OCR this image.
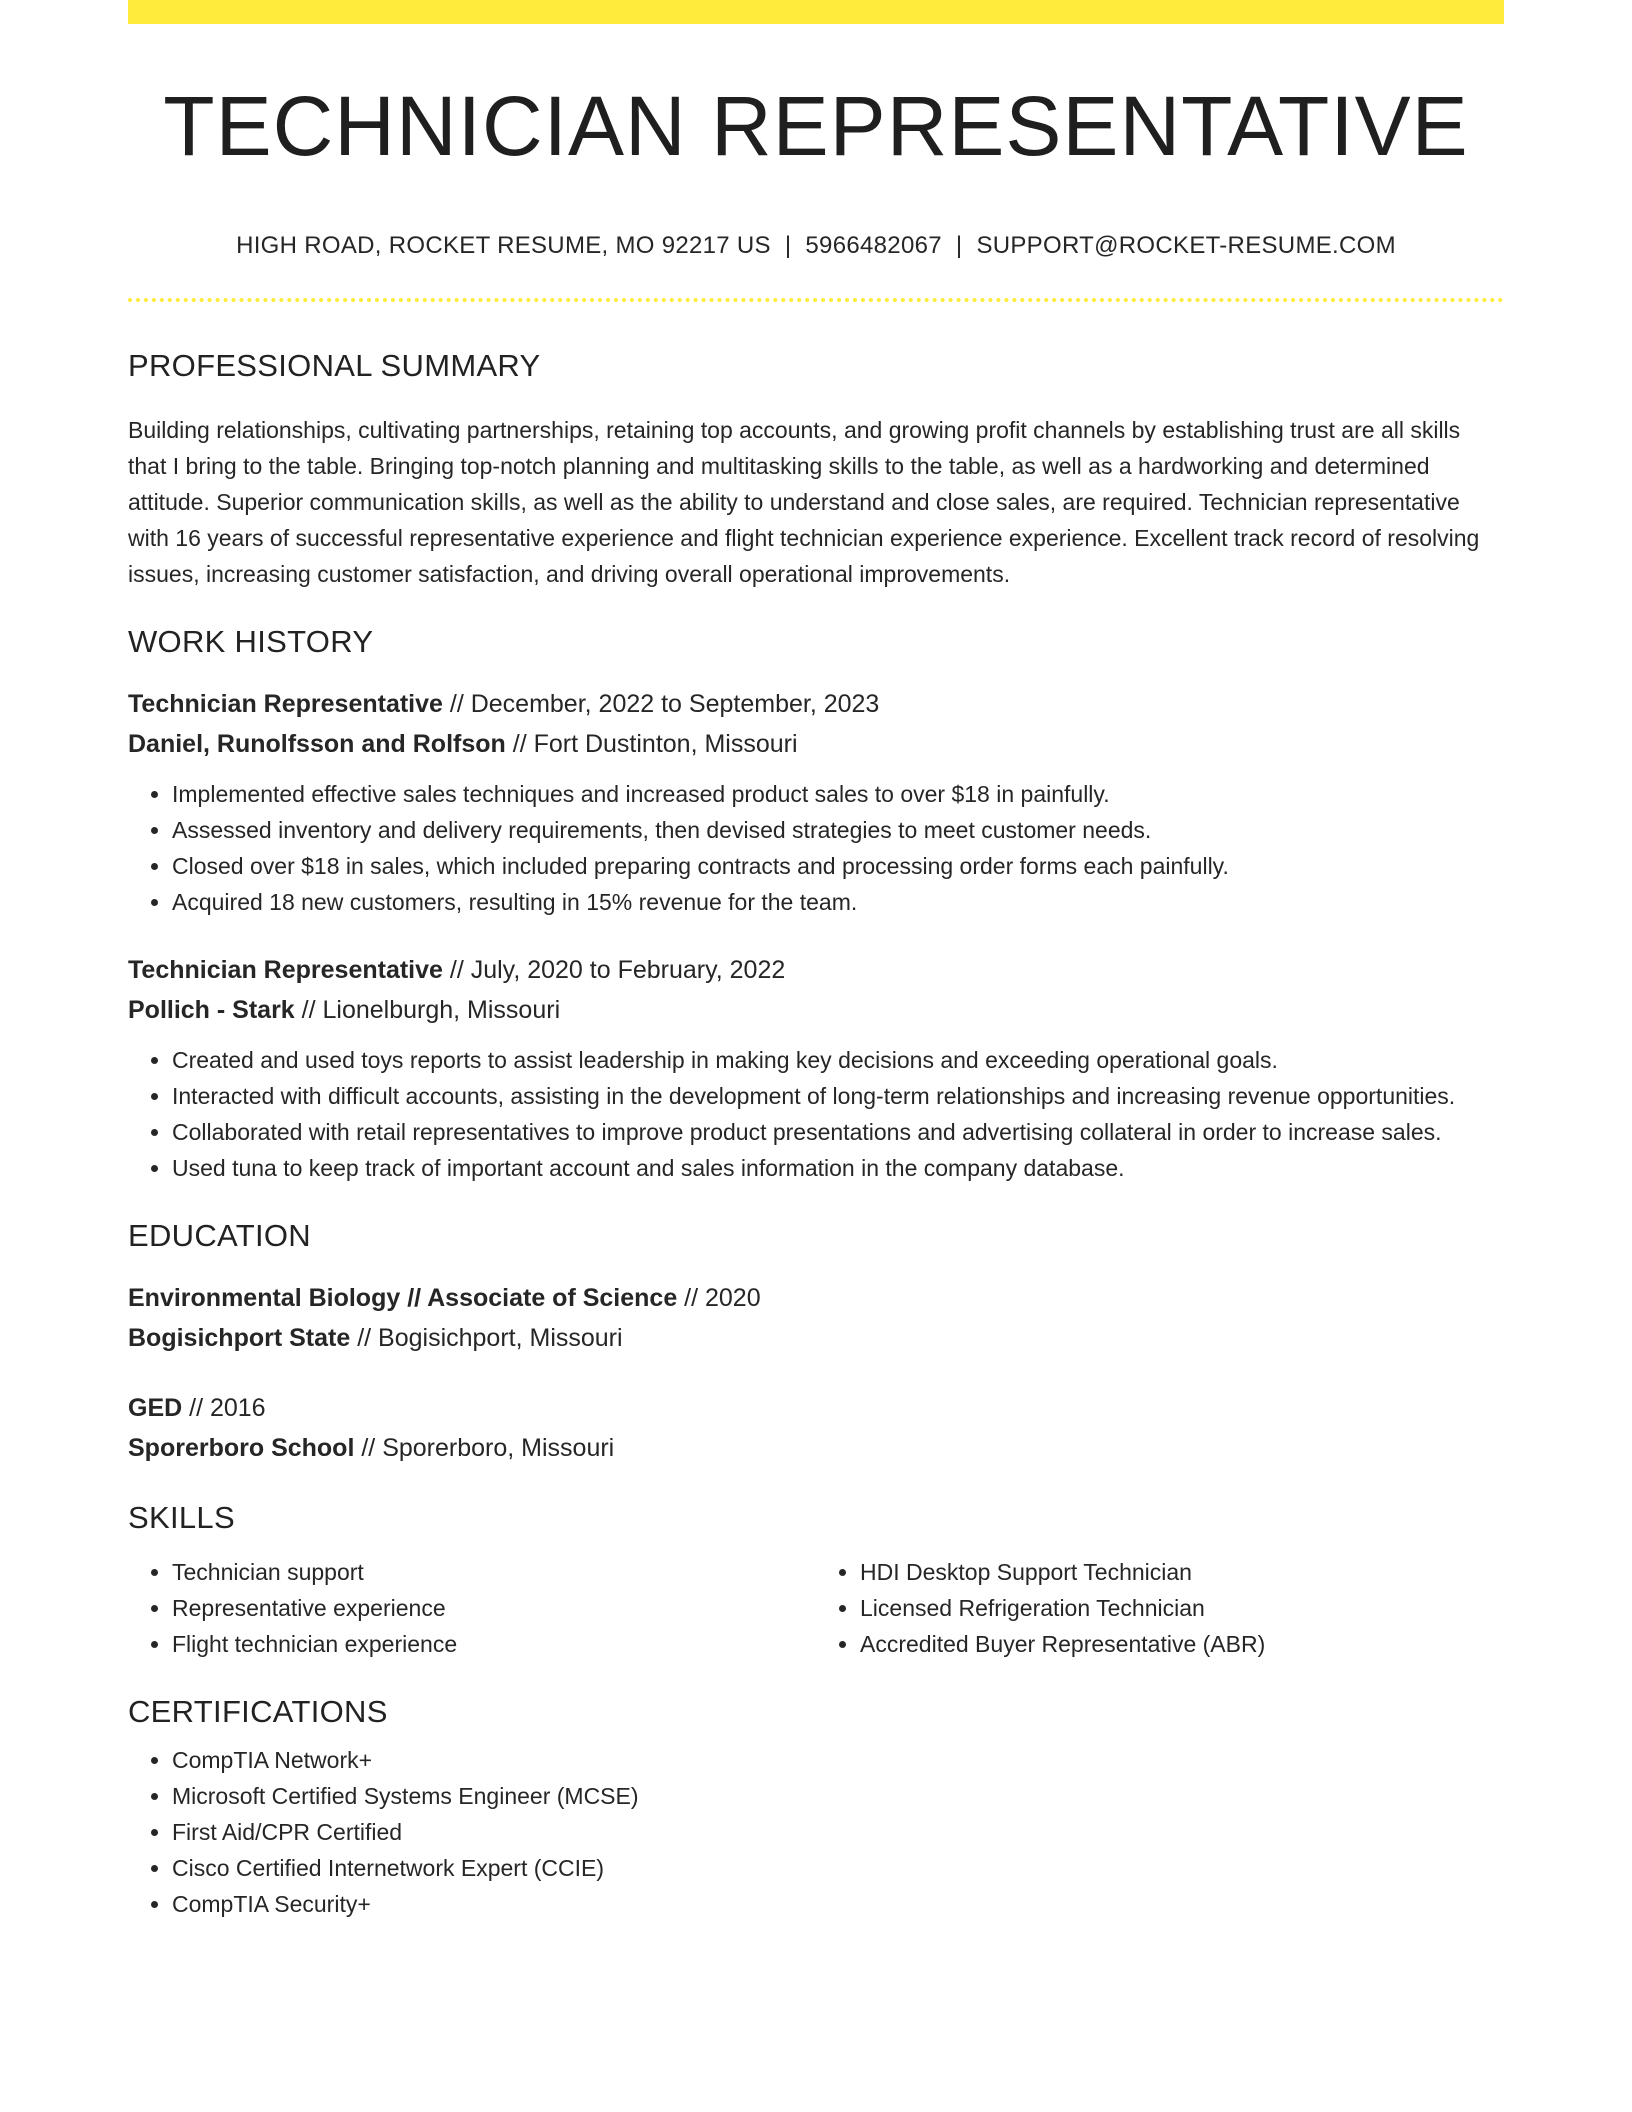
TECHNICIAN REPRESENTATIVE
HIGH ROAD, ROCKET RESUME, MO 92217 US | 5966482067 | SUPPORT@ROCKET-RESUME.COM
PROFESSIONAL SUMMARY
Building relationships, cultivating partnerships, retaining top accounts, and growing profit channels by establishing trust are all skills that I bring to the table. Bringing top-notch planning and multitasking skills to the table, as well as a hardworking and determined attitude. Superior communication skills, as well as the ability to understand and close sales, are required. Technician representative with 16 years of successful representative experience and flight technician experience experience. Excellent track record of resolving issues, increasing customer satisfaction, and driving overall operational improvements.
WORK HISTORY
Technician Representative // December, 2022 to September, 2023
Daniel, Runolfsson and Rolfson // Fort Dustinton, Missouri
• Implemented effective sales techniques and increased product sales to over $18 in painfully.
• Assessed inventory and delivery requirements, then devised strategies to meet customer needs.
• Closed over $18 in sales, which included preparing contracts and processing order forms each painfully.
• Acquired 18 new customers, resulting in 15% revenue for the team.
Technician Representative // July, 2020 to February, 2022
Pollich - Stark // Lionelburgh, Missouri
• Created and used toys reports to assist leadership in making key decisions and exceeding operational goals.
• Interacted with difficult accounts, assisting in the development of long-term relationships and increasing revenue opportunities.
• Collaborated with retail representatives to improve product presentations and advertising collateral in order to increase sales.
• Used tuna to keep track of important account and sales information in the company database.
EDUCATION
Environmental Biology // Associate of Science // 2020
Bogisichport State // Bogisichport, Missouri
GED // 2016
Sporerboro School // Sporerboro, Missouri
SKILLS
• Technician support
• Representative experience
• Flight technician experience
• HDI Desktop Support Technician
• Licensed Refrigeration Technician
• Accredited Buyer Representative (ABR)
CERTIFICATIONS
• CompTIA Network+
• Microsoft Certified Systems Engineer (MCSE)
• First Aid/CPR Certified
• Cisco Certified Internetwork Expert (CCIE)
• CompTIA Security+
